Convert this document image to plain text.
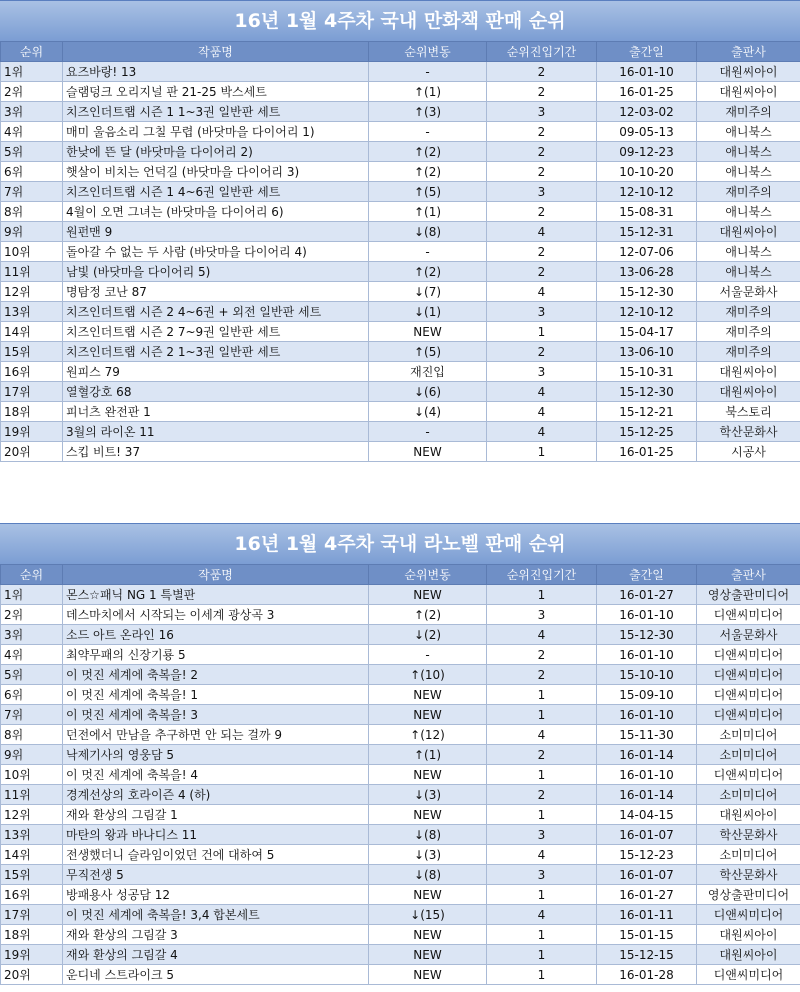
16년 1월 4주차 국내 만화책 판매 순위
순위	작품명	순위변동	순위진입기간	출간일	출판사
1위	요즈바랑! 13	-	2	16-01-10	대원씨아이
2위	슬램덩크 오리지널 판 21-25 박스세트	↑(1)	2	16-01-25	대원씨아이
3위	치즈인더트랩 시즌 1 1~3권 일반판 세트	↑(3)	3	12-03-02	재미주의
4위	매미 울음소리 그칠 무렵 (바닷마을 다이어리 1)	-	2	09-05-13	애니북스
5위	한낮에 뜬 달 (바닷마을 다이어리 2)	↑(2)	2	09-12-23	애니북스
6위	햇살이 비치는 언덕길 (바닷마을 다이어리 3)	↑(2)	2	10-10-20	애니북스
7위	치즈인더트랩 시즌 1 4~6권 일반판 세트	↑(5)	3	12-10-12	재미주의
8위	4월이 오면 그녀는 (바닷마을 다이어리 6)	↑(1)	2	15-08-31	애니북스
9위	원펀맨 9	↓(8)	4	15-12-31	대원씨아이
10위	돌아갈 수 없는 두 사람 (바닷마을 다이어리 4)	-	2	12-07-06	애니북스
11위	남빛 (바닷마을 다이어리 5)	↑(2)	2	13-06-28	애니북스
12위	명탐정 코난 87	↓(7)	4	15-12-30	서울문화사
13위	치즈인더트랩 시즌 2 4~6권 + 외전 일반판 세트	↓(1)	3	12-10-12	재미주의
14위	치즈인더트랩 시즌 2 7~9권 일반판 세트	NEW	1	15-04-17	재미주의
15위	치즈인더트랩 시즌 2 1~3권 일반판 세트	↑(5)	2	13-06-10	재미주의
16위	원피스 79	재진입	3	15-10-31	대원씨아이
17위	열혈강호 68	↓(6)	4	15-12-30	대원씨아이
18위	피너츠 완전판 1	↓(4)	4	15-12-21	북스토리
19위	3월의 라이온 11	-	4	15-12-25	학산문화사
20위	스킵 비트! 37	NEW	1	16-01-25	시공사
16년 1월 4주차 국내 라노벨 판매 순위
순위	작품명	순위변동	순위진입기간	출간일	출판사
1위	몬스☆패닉 NG 1 특별판	NEW	1	16-01-27	영상출판미디어
2위	데스마치에서 시작되는 이세계 광상곡 3	↑(2)	3	16-01-10	디앤씨미디어
3위	소드 아트 온라인 16	↓(2)	4	15-12-30	서울문화사
4위	최약무패의 신장기룡 5	-	2	16-01-10	디앤씨미디어
5위	이 멋진 세계에 축복을! 2	↑(10)	2	15-10-10	디앤씨미디어
6위	이 멋진 세계에 축복을! 1	NEW	1	15-09-10	디앤씨미디어
7위	이 멋진 세계에 축복을! 3	NEW	1	16-01-10	디앤씨미디어
8위	던전에서 만남을 추구하면 안 되는 걸까 9	↑(12)	4	15-11-30	소미미디어
9위	낙제기사의 영웅담 5	↑(1)	2	16-01-14	소미미디어
10위	이 멋진 세계에 축복을! 4	NEW	1	16-01-10	디앤씨미디어
11위	경계선상의 호라이즌 4 (하)	↓(3)	2	16-01-14	소미미디어
12위	재와 환상의 그림갈 1	NEW	1	14-04-15	대원씨아이
13위	마탄의 왕과 바나디스 11	↓(8)	3	16-01-07	학산문화사
14위	전생했더니 슬라임이었던 건에 대하여 5	↓(3)	4	15-12-23	소미미디어
15위	무직전생 5	↓(8)	3	16-01-07	학산문화사
16위	방패용사 성공담 12	NEW	1	16-01-27	영상출판미디어
17위	이 멋진 세계에 축복을! 3,4 합본세트	↓(15)	4	16-01-11	디앤씨미디어
18위	재와 환상의 그림갈 3	NEW	1	15-01-15	대원씨아이
19위	재와 환상의 그림갈 4	NEW	1	15-12-15	대원씨아이
20위	운디네 스트라이크 5	NEW	1	16-01-28	디앤씨미디어
